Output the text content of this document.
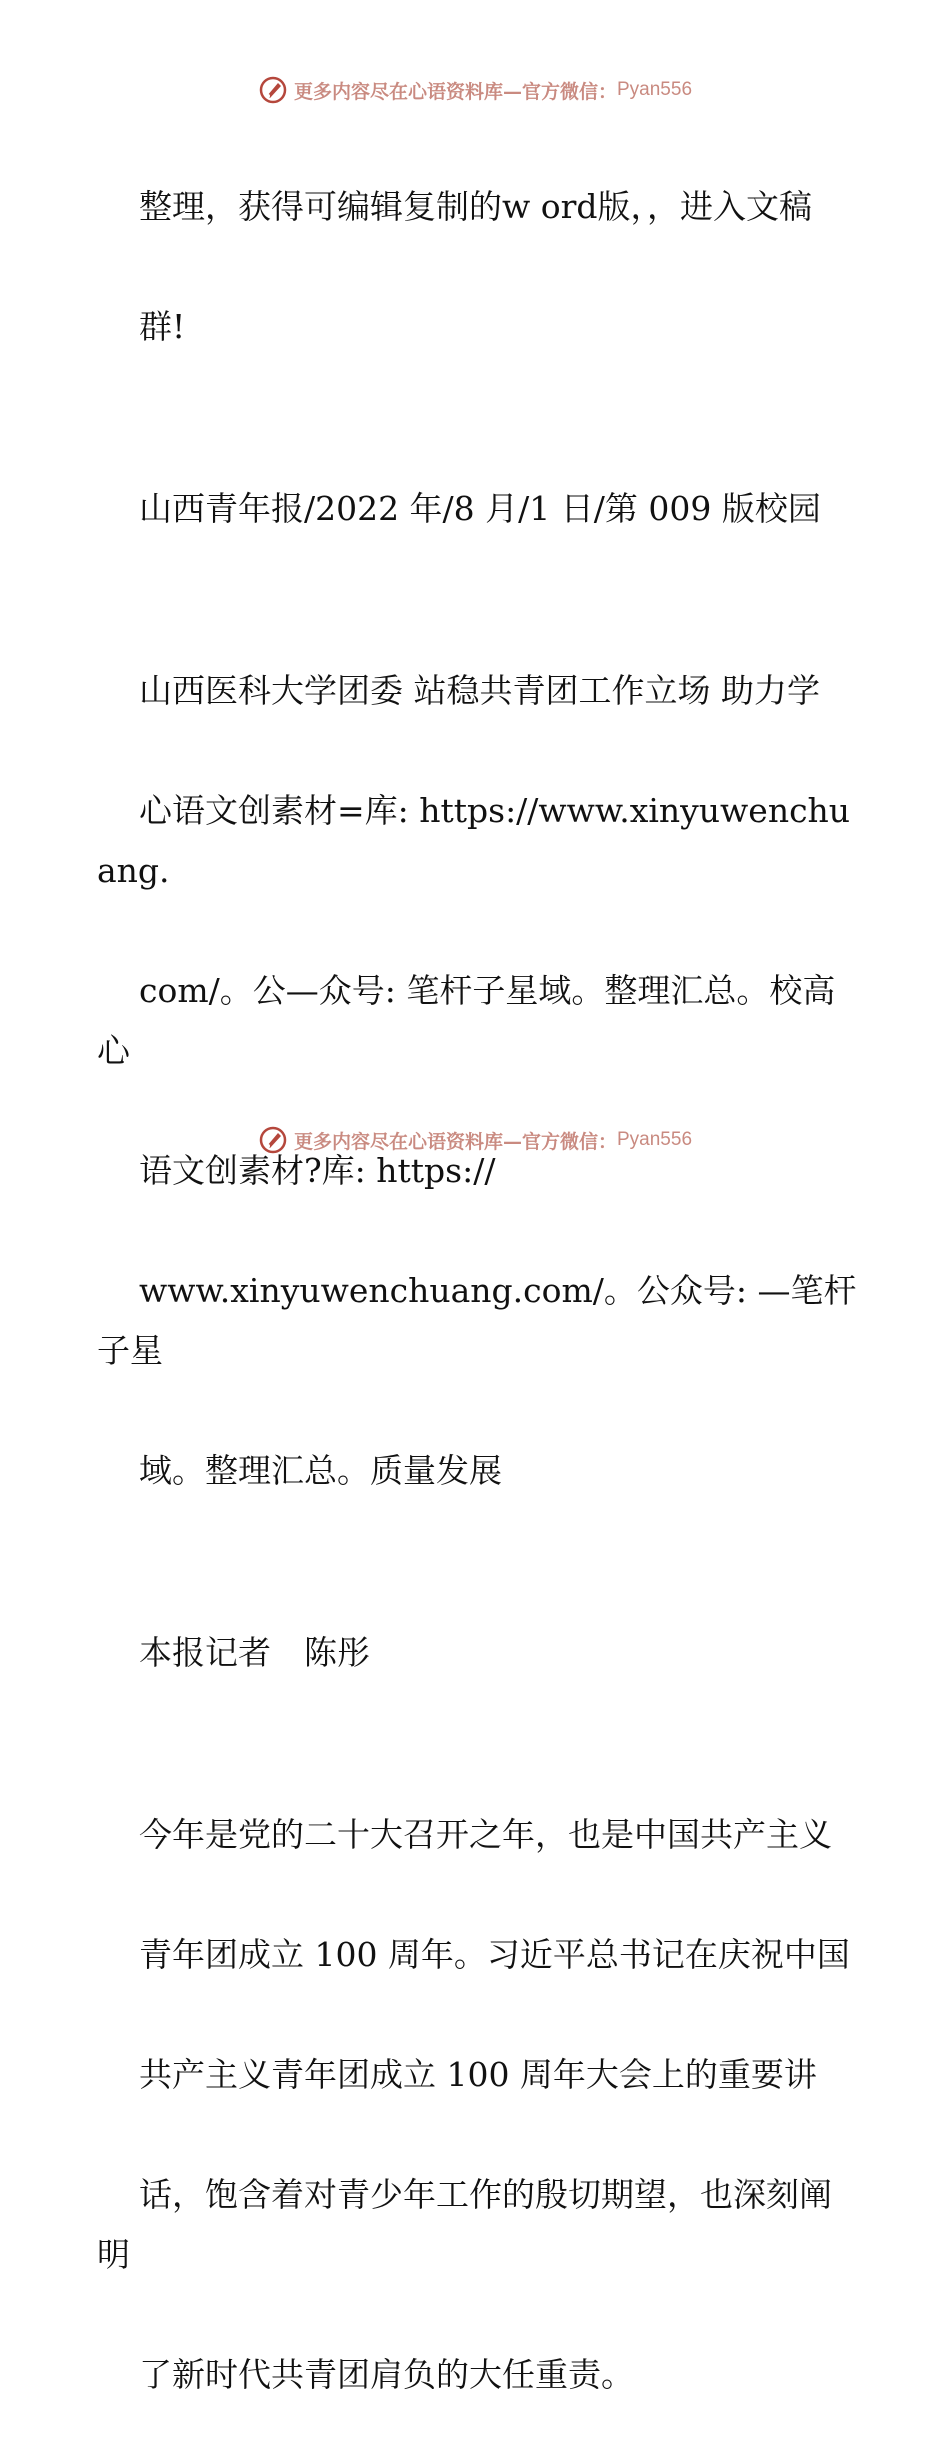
更多内容尽在心语资料库—官方微信： Pyan556

整理，获得可编辑复制的w ord版，，进入文稿

群!

山西青年报/2022 年/8 月/1 日/第 009 版校园

山西医科大学团委 站稳共青团工作立场 助力学

心语文创素材=库: https://www.xinyuwenchuang.

com/。公—众号: 笔杆子星域。整理汇总。校高心

语文创素材?库: https://

www.xinyuwenchuang.com/。公众号: —笔杆子星

域。整理汇总。质量发展

本报记者　陈彤

今年是党的二十大召开之年，也是中国共产主义

青年团成立 100 周年。习近平总书记在庆祝中国

共产主义青年团成立 100 周年大会上的重要讲

话，饱含着对青少年工作的殷切期望，也深刻阐明

了新时代共青团肩负的大任重责。

更多内容尽在心语资料库—官方微信： Pyan556
